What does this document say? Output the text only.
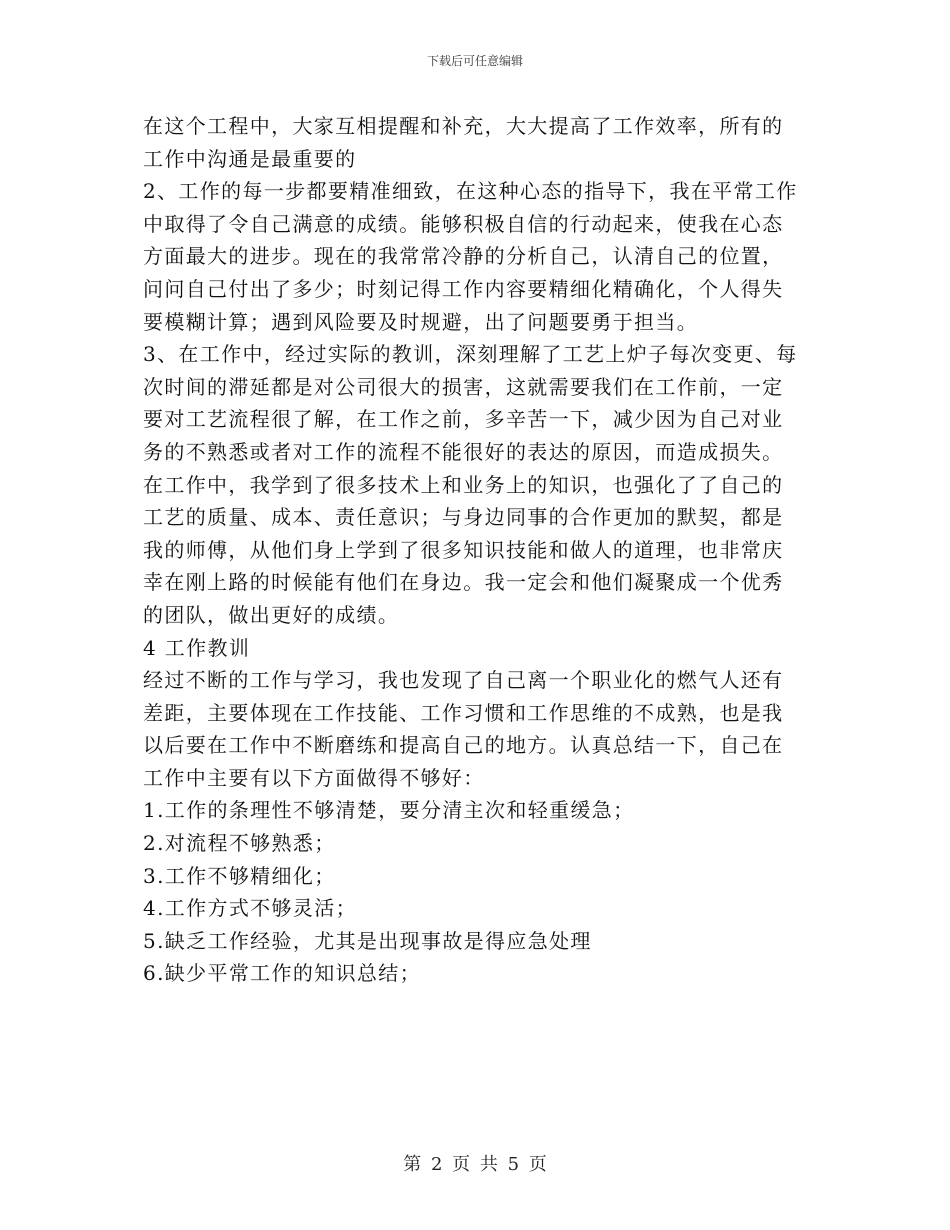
下载后可任意编辑
在这个工程中，大家互相提醒和补充，大大提高了工作效率，所有的
工作中沟通是最重要的
2、工作的每一步都要精准细致，在这种心态的指导下，我在平常工作
中取得了令自己满意的成绩。能够积极自信的行动起来，使我在心态
方面最大的进步。现在的我常常冷静的分析自己，认清自己的位置，
问问自己付出了多少；时刻记得工作内容要精细化精确化，个人得失
要模糊计算；遇到风险要及时规避，出了问题要勇于担当。
3、在工作中，经过实际的教训，深刻理解了工艺上炉子每次变更、每
次时间的滞延都是对公司很大的损害，这就需要我们在工作前，一定
要对工艺流程很了解，在工作之前，多辛苦一下，减少因为自己对业
务的不熟悉或者对工作的流程不能很好的表达的原因，而造成损失。
在工作中，我学到了很多技术上和业务上的知识，也强化了了自己的
工艺的质量、成本、责任意识；与身边同事的合作更加的默契，都是
我的师傅，从他们身上学到了很多知识技能和做人的道理，也非常庆
幸在刚上路的时候能有他们在身边。我一定会和他们凝聚成一个优秀
的团队，做出更好的成绩。
4 工作教训
经过不断的工作与学习，我也发现了自己离一个职业化的燃气人还有
差距，主要体现在工作技能、工作习惯和工作思维的不成熟，也是我
以后要在工作中不断磨练和提高自己的地方。认真总结一下，自己在
工作中主要有以下方面做得不够好：
1.工作的条理性不够清楚，要分清主次和轻重缓急；
2.对流程不够熟悉；
3.工作不够精细化；
4.工作方式不够灵活；
5.缺乏工作经验，尤其是出现事故是得应急处理
6.缺少平常工作的知识总结；
第 2 页 共 5 页
